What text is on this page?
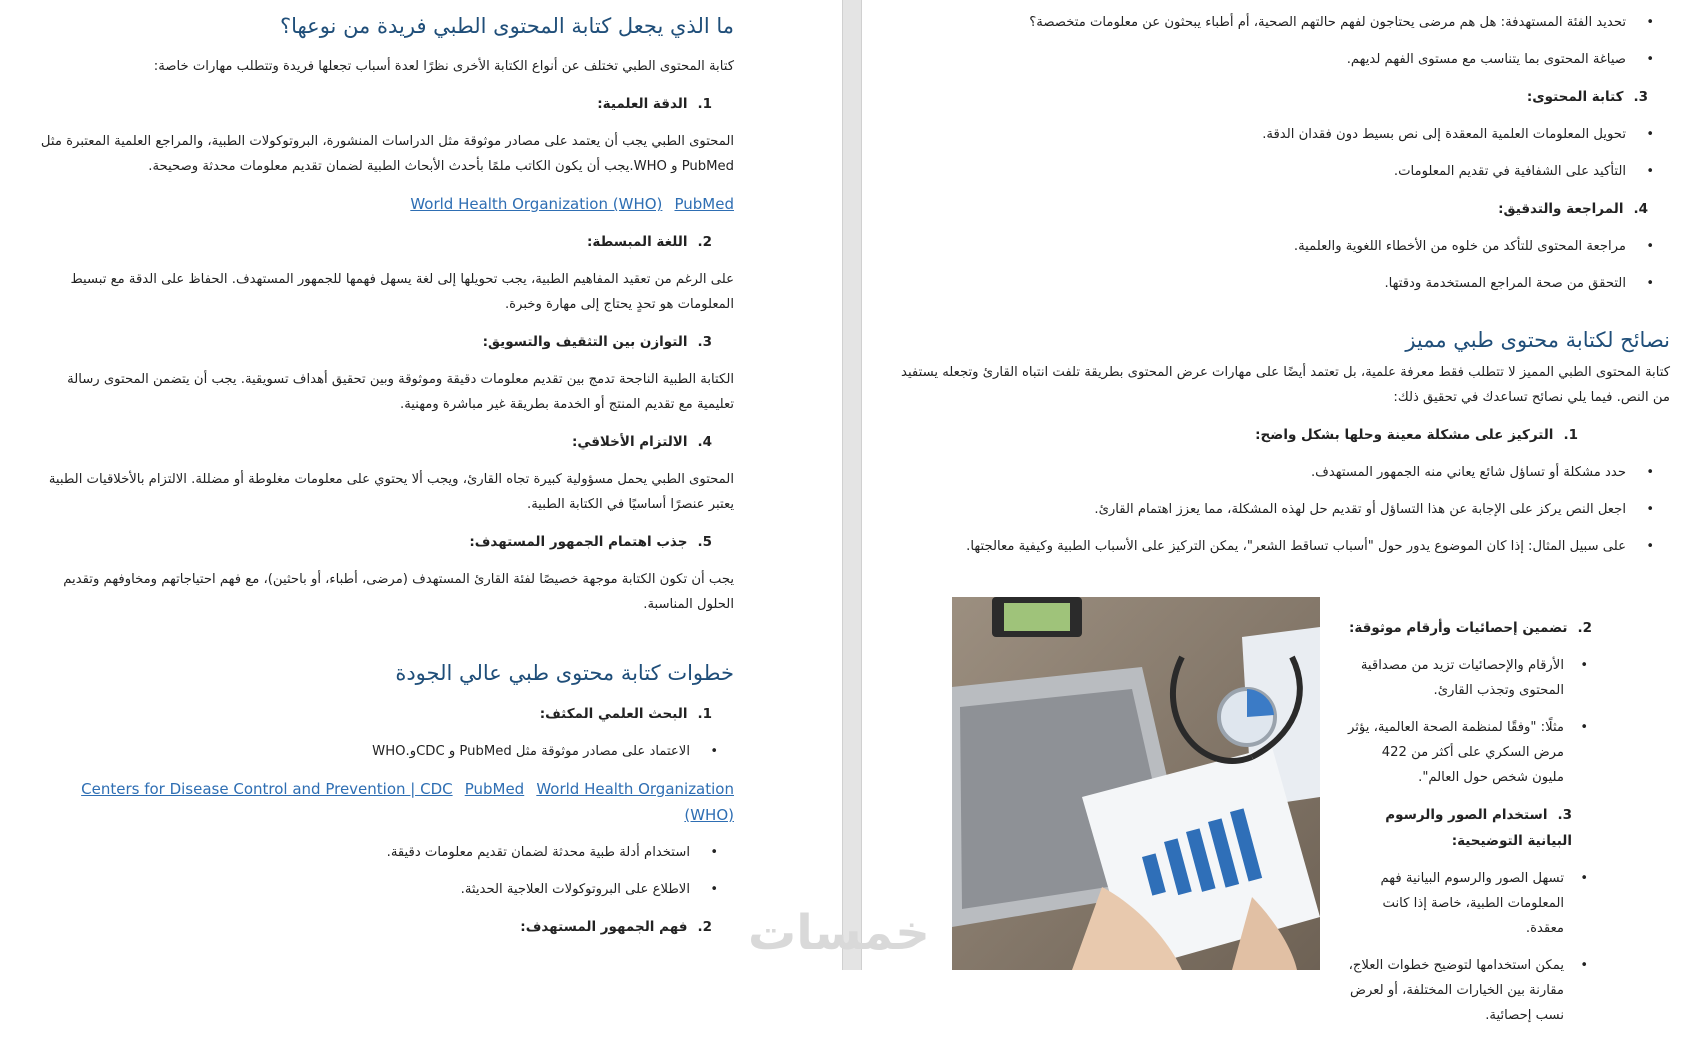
ما الذي يجعل كتابة المحتوى الطبي فريدة من نوعها؟

كتابة المحتوى الطبي تختلف عن أنواع الكتابة الأخرى نظرًا لعدة أسباب تجعلها فريدة وتتطلب مهارات خاصة:

1.الدقة العلمية:

المحتوى الطبي يجب أن يعتمد على مصادر موثوقة مثل الدراسات المنشورة، البروتوكولات الطبية، والمراجع العلمية المعتبرة مثل PubMed و WHO.يجب أن يكون الكاتب ملمًا بأحدث الأبحاث الطبية لضمان تقديم معلومات محدثة وصحيحة.

World Health Organization (WHO) PubMed
2.اللغة المبسطة:

على الرغم من تعقيد المفاهيم الطبية، يجب تحويلها إلى لغة يسهل فهمها للجمهور المستهدف. الحفاظ على الدقة مع تبسيط المعلومات هو تحدٍ يحتاج إلى مهارة وخبرة.

3.التوازن بين التثقيف والتسويق:

الكتابة الطبية الناجحة تدمج بين تقديم معلومات دقيقة وموثوقة وبين تحقيق أهداف تسويقية. يجب أن يتضمن المحتوى رسالة تعليمية مع تقديم المنتج أو الخدمة بطريقة غير مباشرة ومهنية.

4.الالتزام الأخلاقي:

المحتوى الطبي يحمل مسؤولية كبيرة تجاه القارئ، ويجب ألا يحتوي على معلومات مغلوطة أو مضللة. الالتزام بالأخلاقيات الطبية يعتبر عنصرًا أساسيًا في الكتابة الطبية.

5.جذب اهتمام الجمهور المستهدف:

يجب أن تكون الكتابة موجهة خصيصًا لفئة القارئ المستهدف (مرضى، أطباء، أو باحثين)، مع فهم احتياجاتهم ومخاوفهم وتقديم الحلول المناسبة.

خطوات كتابة محتوى طبي عالي الجودة
1.البحث العلمي المكثف:
• الاعتماد على مصادر موثوقة مثل PubMed و CDCو.WHO
Centers for Disease Control and Prevention | CDC PubMed World Health Organization (WHO)
• استخدام أدلة طبية محدثة لضمان تقديم معلومات دقيقة.
• الاطلاع على البروتوكولات العلاجية الحديثة.
2.فهم الجمهور المستهدف:
• تحديد الفئة المستهدفة: هل هم مرضى يحتاجون لفهم حالتهم الصحية، أم أطباء يبحثون عن معلومات متخصصة؟
• صياغة المحتوى بما يتناسب مع مستوى الفهم لديهم.
3.كتابة المحتوى:
• تحويل المعلومات العلمية المعقدة إلى نص بسيط دون فقدان الدقة.
• التأكيد على الشفافية في تقديم المعلومات.
4.المراجعة والتدقيق:
• مراجعة المحتوى للتأكد من خلوه من الأخطاء اللغوية والعلمية.
• التحقق من صحة المراجع المستخدمة ودقتها.
نصائح لكتابة محتوى طبي مميز

كتابة المحتوى الطبي المميز لا تتطلب فقط معرفة علمية، بل تعتمد أيضًا على مهارات عرض المحتوى بطريقة تلفت انتباه القارئ وتجعله يستفيد من النص. فيما يلي نصائح تساعدك في تحقيق ذلك:

1.التركيز على مشكلة معينة وحلها بشكل واضح:
• حدد مشكلة أو تساؤل شائع يعاني منه الجمهور المستهدف.
• اجعل النص يركز على الإجابة عن هذا التساؤل أو تقديم حل لهذه المشكلة، مما يعزز اهتمام القارئ.
• على سبيل المثال: إذا كان الموضوع يدور حول "أسباب تساقط الشعر"، يمكن التركيز على الأسباب الطبية وكيفية معالجتها.
2.تضمين إحصائيات وأرقام موثوقة:
• الأرقام والإحصائيات تزيد من مصداقية المحتوى وتجذب القارئ.
• مثلًا: "وفقًا لمنظمة الصحة العالمية، يؤثر مرض السكري على أكثر من 422 مليون شخص حول العالم".
3.استخدام الصور والرسوم البيانية التوضيحية:
• تسهل الصور والرسوم البيانية فهم المعلومات الطبية، خاصة إذا كانت معقدة.
• يمكن استخدامها لتوضيح خطوات العلاج، مقارنة بين الخيارات المختلفة، أو لعرض نسب إحصائية.
خمسات
